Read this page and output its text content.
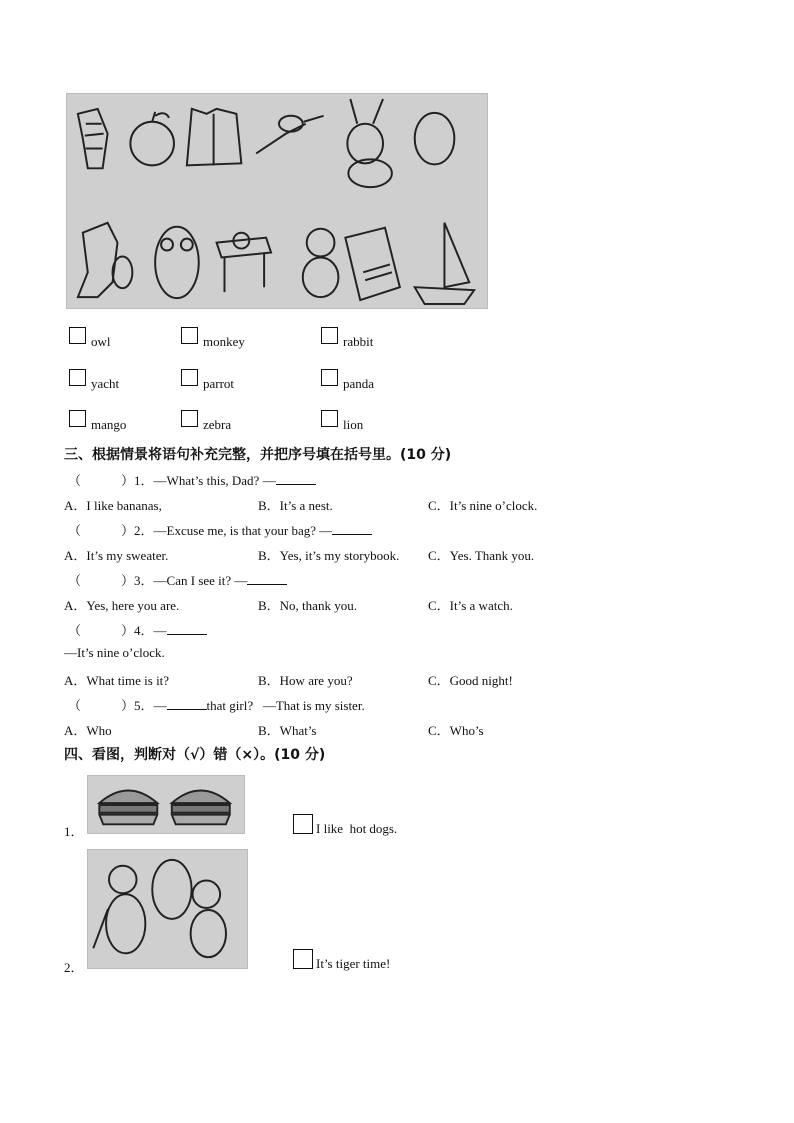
owl	monkey	rabbit
yacht	parrot	panda
mango	zebra	lion
三、根据情景将语句补充完整，并把序号填在括号里。(10 分)
（	）1．—What’s this, Dad? —
A．I like bananas,	B．It’s a nest.	C．It’s nine o’clock.
（	）2．—Excuse me, is that your bag? —
A．It’s my sweater.	B．Yes, it’s my storybook. C．Yes. Thank you.
（	）3．—Can I see it? —
A．Yes, here you are.	B．No, thank you.	C．It’s a watch.
（	）4．—
—It’s nine o’clock.
A．What time is it?	B．How are you?	C．Good night!
（	）5．—	that girl?   —That is my sister.
A．Who	B．What’s	C．Who’s
四、看图，判断对（√）错（×）。(10 分)
1．	I like  hot dogs.
2．	It’s tiger time!
